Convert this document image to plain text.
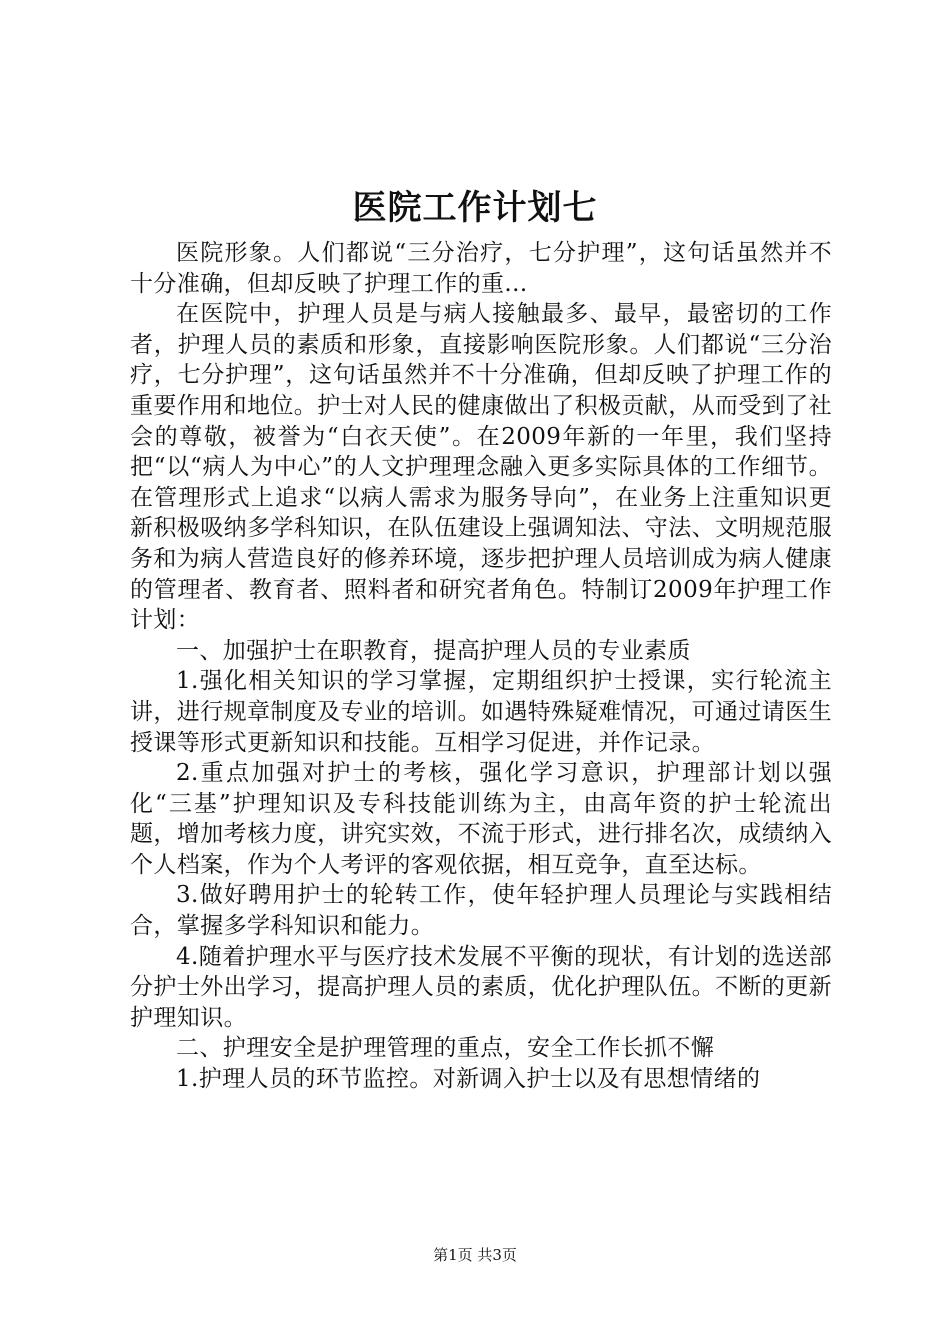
医院工作计划七

医院形象。人们都说“三分治疗，七分护理”，这句话虽然并不十分准确，但却反映了护理工作的重...

在医院中，护理人员是与病人接触最多、最早，最密切的工作者，护理人员的素质和形象，直接影响医院形象。人们都说“三分治疗，七分护理”，这句话虽然并不十分准确，但却反映了护理工作的重要作用和地位。护士对人民的健康做出了积极贡献，从而受到了社会的尊敬，被誉为“白衣天使”。在2009年新的一年里，我们坚持把“以“病人为中心”的人文护理理念融入更多实际具体的工作细节。在管理形式上追求“以病人需求为服务导向”，在业务上注重知识更新积极吸纳多学科知识，在队伍建设上强调知法、守法、文明规范服务和为病人营造良好的修养环境，逐步把护理人员培训成为病人健康的管理者、教育者、照料者和研究者角色。特制订2009年护理工作计划：

一、加强护士在职教育，提高护理人员的专业素质

1.强化相关知识的学习掌握，定期组织护士授课，实行轮流主讲，进行规章制度及专业的培训。如遇特殊疑难情况，可通过请医生授课等形式更新知识和技能。互相学习促进，并作记录。

2.重点加强对护士的考核，强化学习意识，护理部计划以强化“三基”护理知识及专科技能训练为主，由高年资的护士轮流出题，增加考核力度，讲究实效，不流于形式，进行排名次，成绩纳入个人档案，作为个人考评的客观依据，相互竞争，直至达标。

3.做好聘用护士的轮转工作，使年轻护理人员理论与实践相结合，掌握多学科知识和能力。

4.随着护理水平与医疗技术发展不平衡的现状，有计划的选送部分护士外出学习，提高护理人员的素质，优化护理队伍。不断的更新护理知识。

二、护理安全是护理管理的重点，安全工作长抓不懈

1.护理人员的环节监控。对新调入护士以及有思想情绪的

第1页 共3页
